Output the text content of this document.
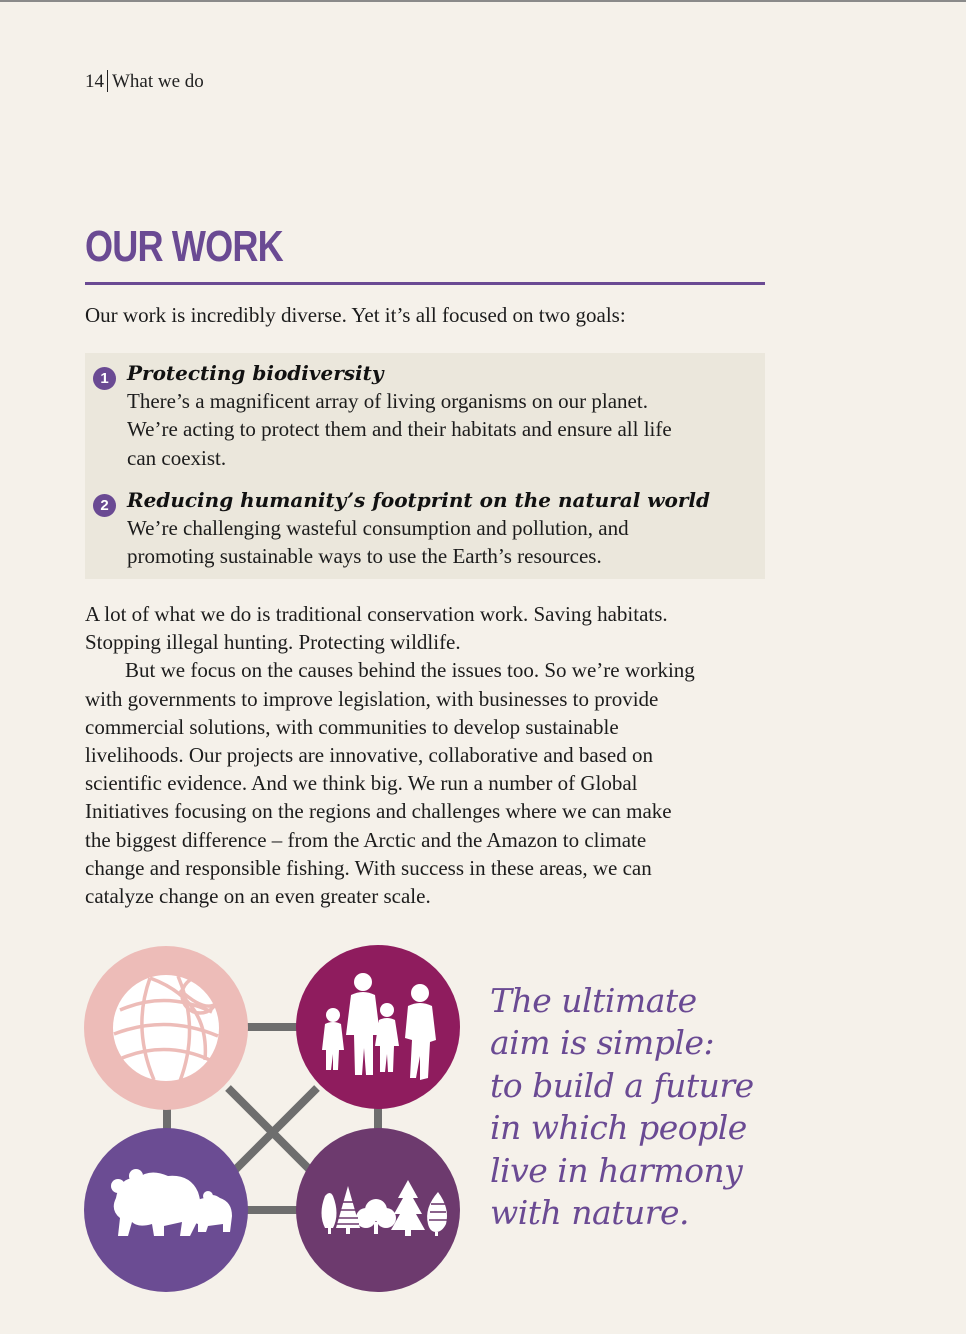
14 What we do
OUR WORK

Our work is incredibly diverse. Yet it’s all focused on two goals:

1 Protecting biodiversity
There’s a magnificent array of living organisms on our planet.
We’re acting to protect them and their habitats and ensure all life
can coexist.
2 Reducing humanity’s footprint on the natural world
We’re challenging wasteful consumption and pollution, and
promoting sustainable ways to use the Earth’s resources.

A lot of what we do is traditional conservation work. Saving habitats.
Stopping illegal hunting. Protecting wildlife.

But we focus on the causes behind the issues too. So we’re working
with governments to improve legislation, with businesses to provide
commercial solutions, with communities to develop sustainable
livelihoods. Our projects are innovative, collaborative and based on
scientific evidence. And we think big. We run a number of Global
Initiatives focusing on the regions and challenges where we can make
the biggest difference – from the Arctic and the Amazon to climate
change and responsible fishing. With success in these areas, we can
catalyze change on an even greater scale.

The ultimate
aim is simple:
to build a future
in which people
live in harmony
with nature.
